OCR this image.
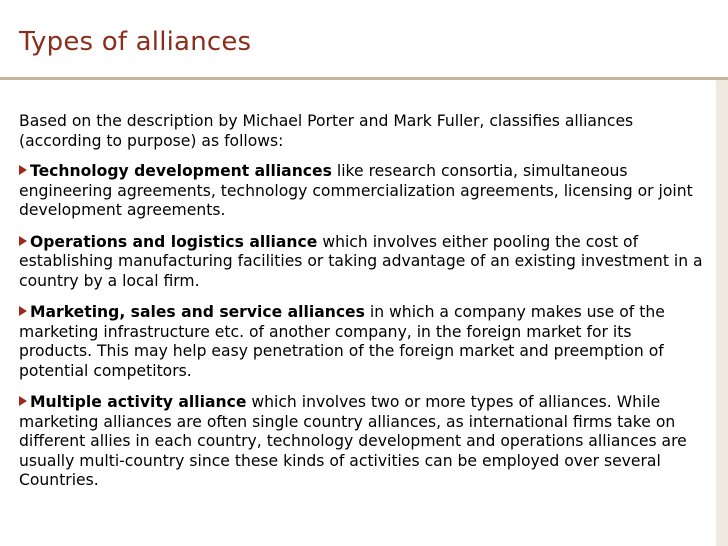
Types of alliances

Based on the description by Michael Porter and Mark Fuller, classifies alliances (according to purpose) as follows:

Technology development alliances like research consortia, simultaneous engineering agreements, technology commercialization agreements, licensing or joint development agreements.

Operations and logistics alliance which involves either pooling the cost of establishing manufacturing facilities or taking advantage of an existing investment in a country by a local firm.

Marketing, sales and service alliances in which a company makes use of the marketing infrastructure etc. of another company, in the foreign market for its products. This may help easy penetration of the foreign market and preemption of potential competitors.

Multiple activity alliance which involves two or more types of alliances. While marketing alliances are often single country alliances, as international firms take on different allies in each country, technology development and operations alliances are usually multi-country since these kinds of activities can be employed over several Countries.
